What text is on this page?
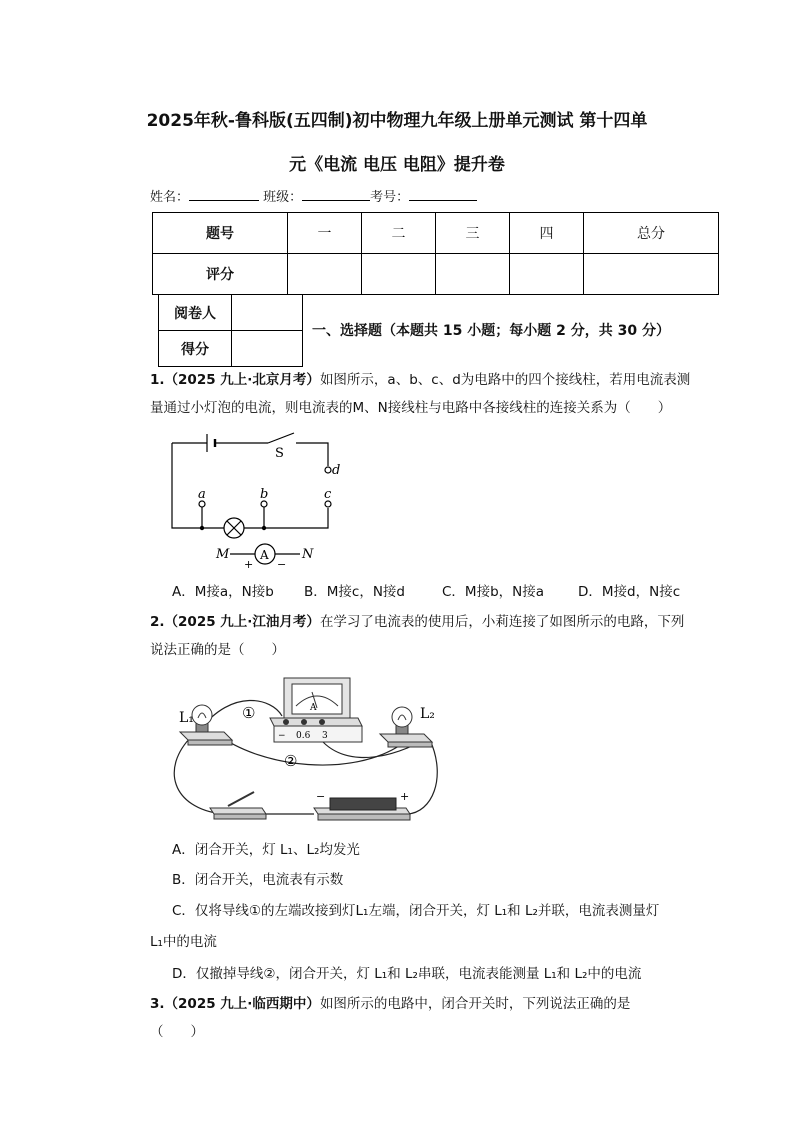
2025年秋-鲁科版(五四制)初中物理九年级上册单元测试 第十四单
元《电流 电压 电阻》提升卷
姓名：	班级：	考号：
题号	一	二	三	四	总分
评分					
阅卷人	
得分	
一、选择题（本题共 15 小题；每小题 2 分，共 30 分）
1.（2025 九上·北京月考）如图所示，a、b、c、d为电路中的四个接线柱，若用电流表测
量通过小灯泡的电流，则电流表的M、N接线柱与电路中各接线柱的连接关系为（　　）
S
d
a	b	c
A
M	N
+ −
A．M接a，N接b B．M接c，N接d	C．M接b，N接a	D．M接d，N接c
2.（2025 九上·江油月考）在学习了电流表的使用后，小莉连接了如图所示的电路，下列
说法正确的是（　　）
L₁	L₂
①
②
A
− 0.6 3
−	+
A．闭合开关，灯 L₁、L₂均发光
B．闭合开关，电流表有示数
C．仅将导线①的左端改接到灯L₁左端，闭合开关，灯 L₁和 L₂并联，电流表测量灯
L₁中的电流
D．仅撤掉导线②，闭合开关，灯 L₁和 L₂串联，电流表能测量 L₁和 L₂中的电流
3.（2025 九上·临西期中）如图所示的电路中，闭合开关时，下列说法正确的是
（　　）
